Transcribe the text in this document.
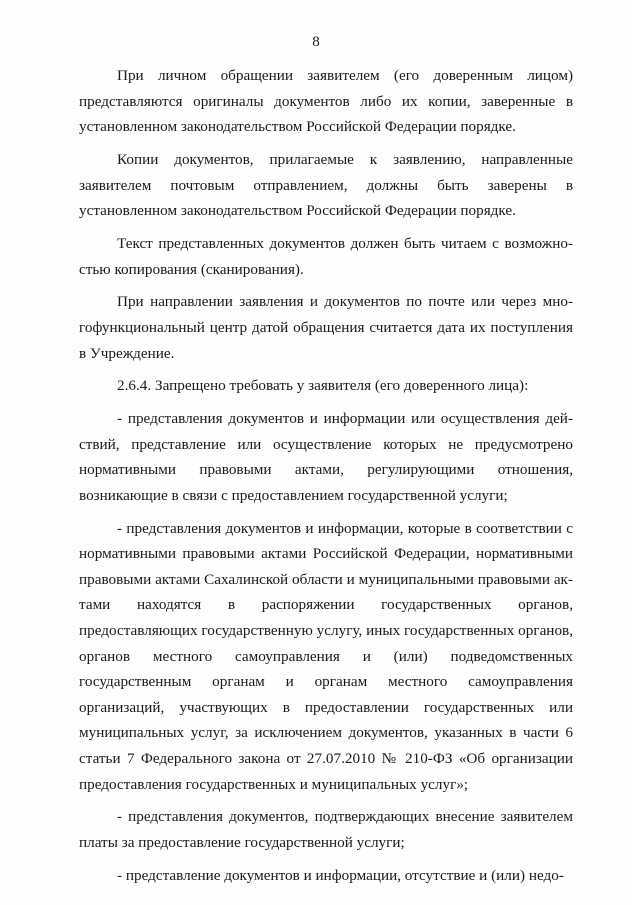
8

При личном обращении заявителем (его доверенным лицом) представляются оригиналы документов либо их копии, заверенные в установленном законодательством Российской Федерации порядке.

Копии документов, прилагаемые к заявлению, направленные заявителем почтовым отправлением, должны быть заверены в установленном законодательством Российской Федерации порядке.

Текст представленных документов должен быть читаем с возможностью копирования (сканирования).

При направлении заявления и документов по почте или через многофункциональный центр датой обращения считается дата их поступления в Учреждение.

2.6.4. Запрещено требовать у заявителя (его доверенного лица):

- представления документов и информации или осуществления действий, представление или осуществление которых не предусмотрено нормативными правовыми актами, регулирующими отношения, возникающие в связи с предоставлением государственной услуги;

- представления документов и информации, которые в соответствии с нормативными правовыми актами Российской Федерации, нормативными правовыми актами Сахалинской области и муниципальными правовыми актами находятся в распоряжении государственных органов, предоставляющих государственную услугу, иных государственных органов, органов местного самоуправления и (или) подведомственных государственным органам и органам местного самоуправления организаций, участвующих в предоставлении государственных или муниципальных услуг, за исключением документов, указанных в части 6 статьи 7 Федерального закона от 27.07.2010 № 210-ФЗ «Об организации предоставления государственных и муниципальных услуг»;

- представления документов, подтверждающих внесение заявителем платы за предоставление государственной услуги;

- представление документов и информации, отсутствие и (или) недо-
